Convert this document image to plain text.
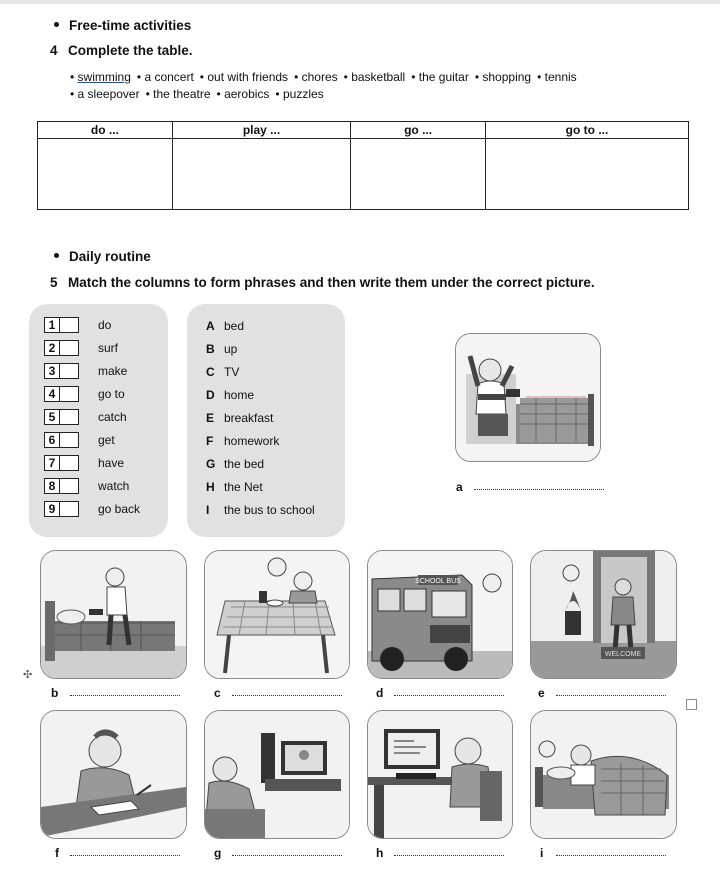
Free-time activities
4 Complete the table.
• swimming • a concert • out with friends • chores • basketball • the guitar • shopping • tennis
• a sleepover • the theatre • aerobics • puzzles
do ...	play ...	go ...	go to ...

Daily routine
5 Match the columns to form phrases and then write them under the correct picture.
1	do
2	surf
3	make
4	go to
5	catch
6	get
7	have
8	watch
9	go back
A bed
B up
C TV
D home
E breakfast
F homework
G the bed
H the Net
I	the bus to school
a
SCHOOL BUS
WELCOME
✣
b	c	d	e
f	g	h	i
